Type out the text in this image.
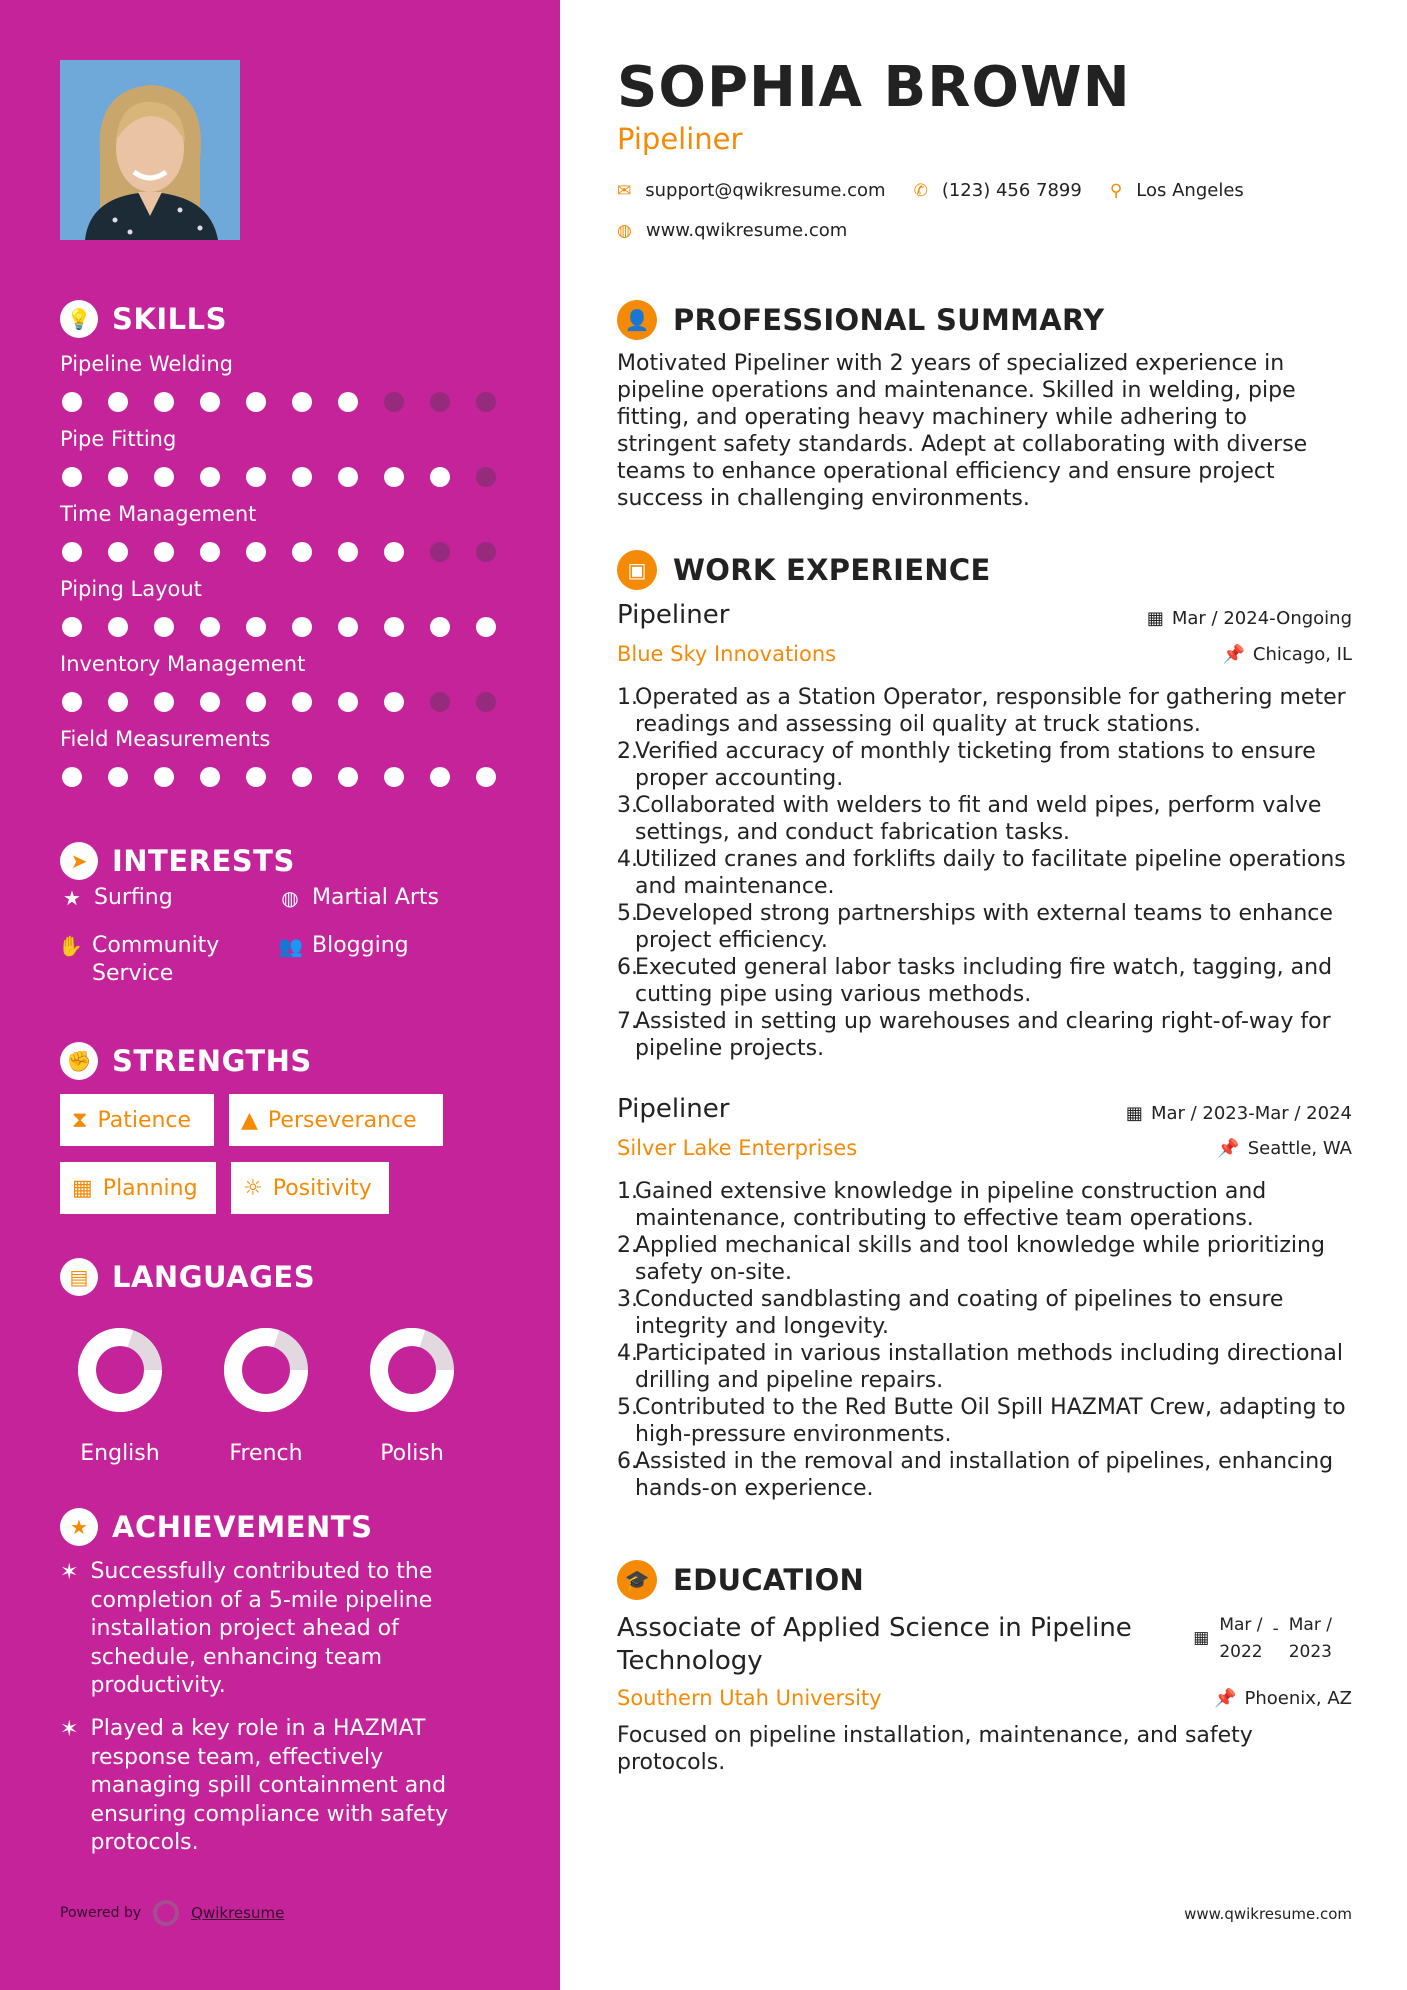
💡 SKILLS
Pipeline Welding
Pipe Fitting
Time Management
Piping Layout
Inventory Management
Field Measurements
➤ INTERESTS
★ Surfing	◍ Martial Arts
✋ Community Service
👥 Blogging
✊ STRENGTHS
⧗ Patience ▲ Perseverance
▦ Planning ☼ Positivity
▤ LANGUAGES
English	French	Polish
★ ACHIEVEMENTS
✶ Successfully contributed to the completion of a 5-mile pipeline installation project ahead of schedule, enhancing team productivity.
✶ Played a key role in a HAZMAT response team, effectively managing spill containment and ensuring compliance with safety protocols.
Powered by	Qwikresume
SOPHIA BROWN
Pipeliner
✉ support@qwikresume.com ✆ (123) 456 7899 ⚲ Los Angeles
◍ www.qwikresume.com
👤 PROFESSIONAL SUMMARY
Motivated Pipeliner with 2 years of specialized experience in pipeline operations and maintenance. Skilled in welding, pipe fitting, and operating heavy machinery while adhering to stringent safety standards. Adept at collaborating with diverse teams to enhance operational efficiency and ensure project success in challenging environments.
▣ WORK EXPERIENCE
Pipeliner	▦ Mar / 2024-Ongoing
Blue Sky Innovations	📌 Chicago, IL
1.
Operated as a Station Operator, responsible for gathering meter readings and assessing oil quality at truck stations.
2.
Verified accuracy of monthly ticketing from stations to ensure proper accounting.
3.
Collaborated with welders to fit and weld pipes, perform valve settings, and conduct fabrication tasks.
4.
Utilized cranes and forklifts daily to facilitate pipeline operations and maintenance.
5.
Developed strong partnerships with external teams to enhance project efficiency.
6.
Executed general labor tasks including fire watch, tagging, and cutting pipe using various methods.
7.
Assisted in setting up warehouses and clearing right-of-way for pipeline projects.
Pipeliner	▦ Mar / 2023-Mar / 2024
Silver Lake Enterprises	📌 Seattle, WA
1.
Gained extensive knowledge in pipeline construction and maintenance, contributing to effective team operations.
2.
Applied mechanical skills and tool knowledge while prioritizing safety on-site.
3.
Conducted sandblasting and coating of pipelines to ensure integrity and longevity.
4.
Participated in various installation methods including directional drilling and pipeline repairs.
5.
Contributed to the Red Butte Oil Spill HAZMAT Crew, adapting to high-pressure environments.
6.
Assisted in the removal and installation of pipelines, enhancing hands-on experience.
🎓 EDUCATION
Associate of Applied Science in Pipeline Technology
▦
Mar /
2022
- Mar /
2023
Southern Utah University	📌 Phoenix, AZ
Focused on pipeline installation, maintenance, and safety protocols.
www.qwikresume.com
